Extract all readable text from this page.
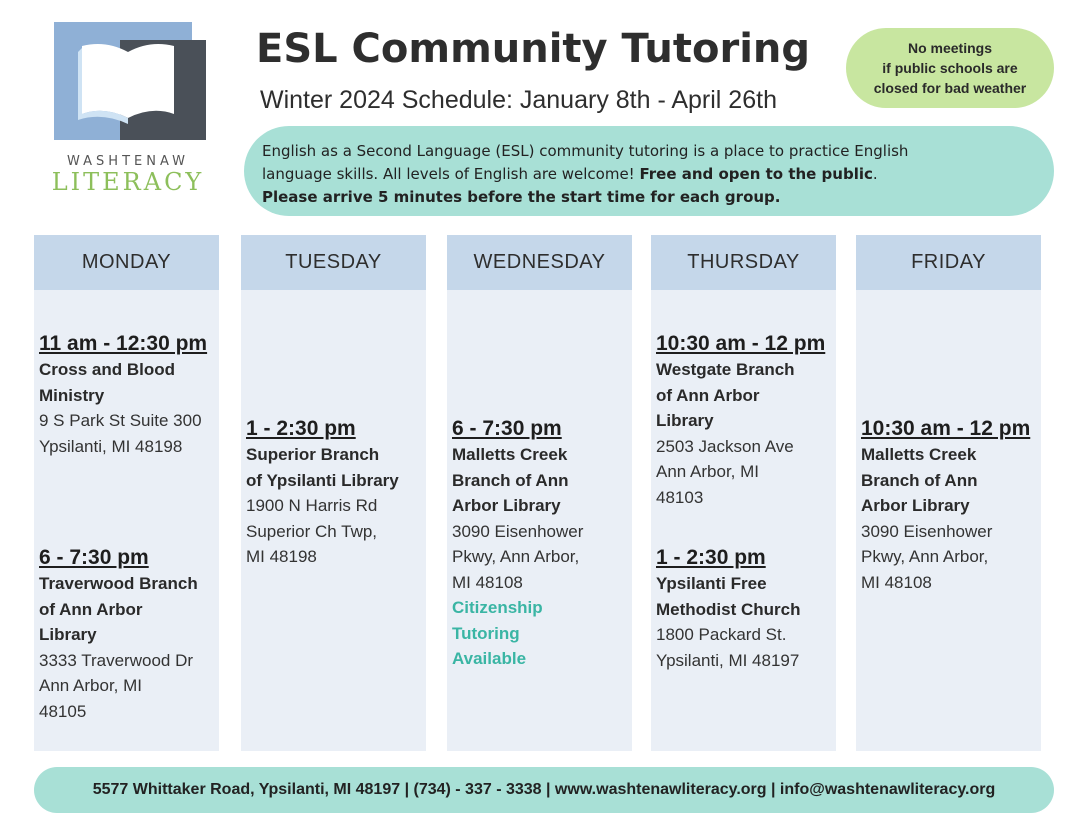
WASHTENAW
LITERACY
ESL Community Tutoring
Winter 2024 Schedule: January 8th - April 26th
No meetings
if public schools are
closed for bad weather
English as a Second Language (ESL) community tutoring is a place to practice English
language skills. All levels of English are welcome! Free and open to the public.
Please arrive 5 minutes before the start time for each group.
MONDAY
11 am - 12:30 pm
Cross and Blood
Ministry
9 S Park St Suite 300
Ypsilanti, MI 48198
6 - 7:30 pm
Traverwood Branch
of Ann Arbor
Library
3333 Traverwood Dr
Ann Arbor, MI
48105
TUESDAY
1 - 2:30 pm
Superior Branch
of Ypsilanti Library
1900 N Harris Rd
Superior Ch Twp,
MI 48198
WEDNESDAY
6 - 7:30 pm
Malletts Creek
Branch of Ann
Arbor Library
3090 Eisenhower
Pkwy, Ann Arbor,
MI 48108
Citizenship
Tutoring
Available
THURSDAY
10:30 am - 12 pm
Westgate Branch
of Ann Arbor
Library
2503 Jackson Ave
Ann Arbor, MI
48103
1 - 2:30 pm
Ypsilanti Free
Methodist Church
1800 Packard St.
Ypsilanti, MI 48197
FRIDAY
10:30 am - 12 pm
Malletts Creek
Branch of Ann
Arbor Library
3090 Eisenhower
Pkwy, Ann Arbor,
MI 48108
5577 Whittaker Road, Ypsilanti, MI 48197 | (734) - 337 - 3338 | www.washtenawliteracy.org | info@washtenawliteracy.org
